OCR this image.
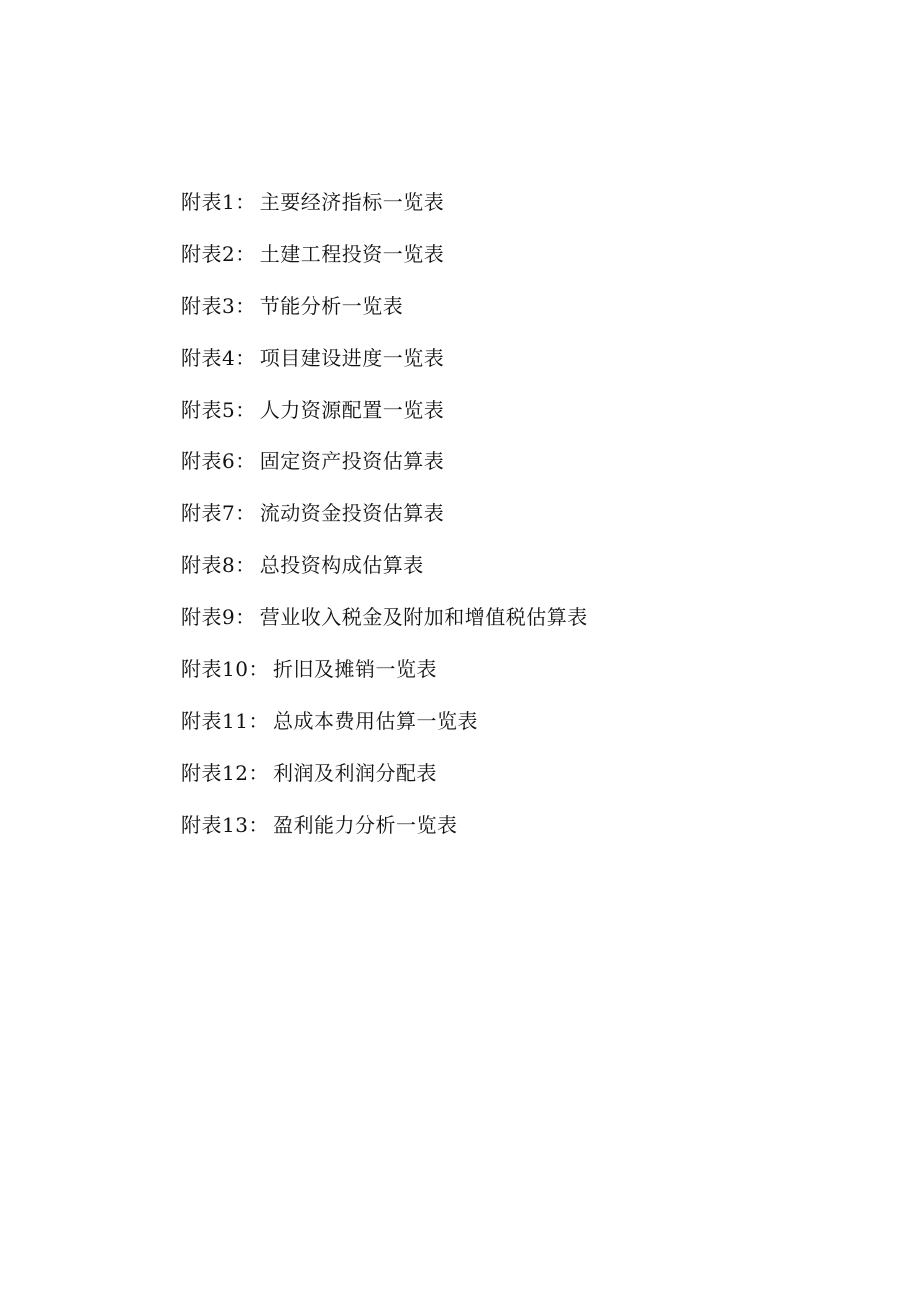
附表1： 主要经济指标一览表
附表2： 土建工程投资一览表
附表3： 节能分析一览表
附表4： 项目建设进度一览表
附表5： 人力资源配置一览表
附表6： 固定资产投资估算表
附表7： 流动资金投资估算表
附表8： 总投资构成估算表
附表9： 营业收入税金及附加和增值税估算表
附表10： 折旧及摊销一览表
附表11： 总成本费用估算一览表
附表12： 利润及利润分配表
附表13： 盈利能力分析一览表
